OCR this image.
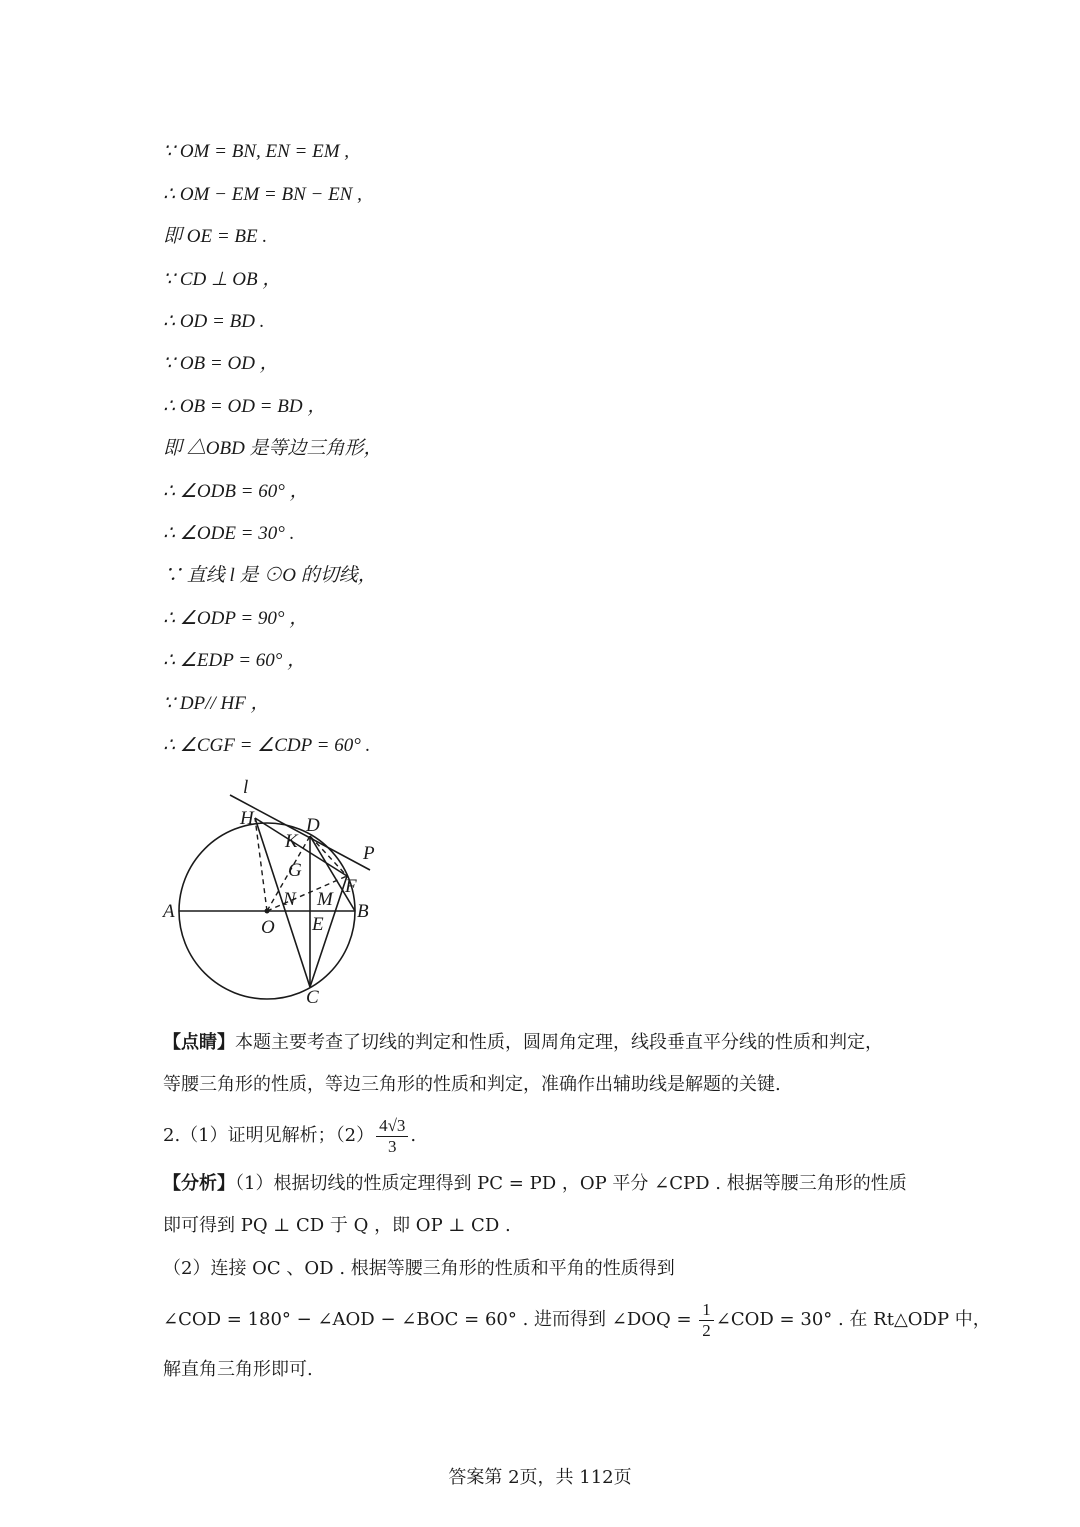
∵ OM = BN, EN = EM ,
∴ OM − EM = BN − EN ,
即 OE = BE .
∵ CD ⊥ OB ，
∴ OD = BD .
∵ OB = OD ，
∴ OB = OD = BD ，
即 △OBD 是等边三角形，
∴ ∠ODB = 60° ，
∴ ∠ODE = 30° .
∵ 直线 l 是 ⊙O 的切线，
∴ ∠ODP = 90° ，
∴ ∠EDP = 60° ，
∵ DP// HF ，
∴ ∠CGF = ∠CDP = 60° .
l
H	D
K
P
G
F
N M
A	B
O E
C
【点睛】本题主要考查了切线的判定和性质，圆周角定理，线段垂直平分线的性质和判定，
等腰三角形的性质，等边三角形的性质和判定，准确作出辅助线是解题的关键.
2.（1）证明见解析；$(2) \frac{4√3}{3}$ .
【分析】（1）根据切线的性质定理得到 PC = PD ，OP 平分 ∠CPD . 根据等腰三角形的性质
即可得到 PQ ⊥ CD 于 Q ，即 OP ⊥ CD .
（2）连接 OC 、OD . 根据等腰三角形的性质和平角的性质得到
∠COD = 180° − ∠AOD − ∠BOC = 60° . 进而得到 ∠DOQ = $\frac{1}{2}$ ∠COD = 30° . 在 Rt△ODP 中，
解直角三角形即可.
答案第 2页，共 112页
